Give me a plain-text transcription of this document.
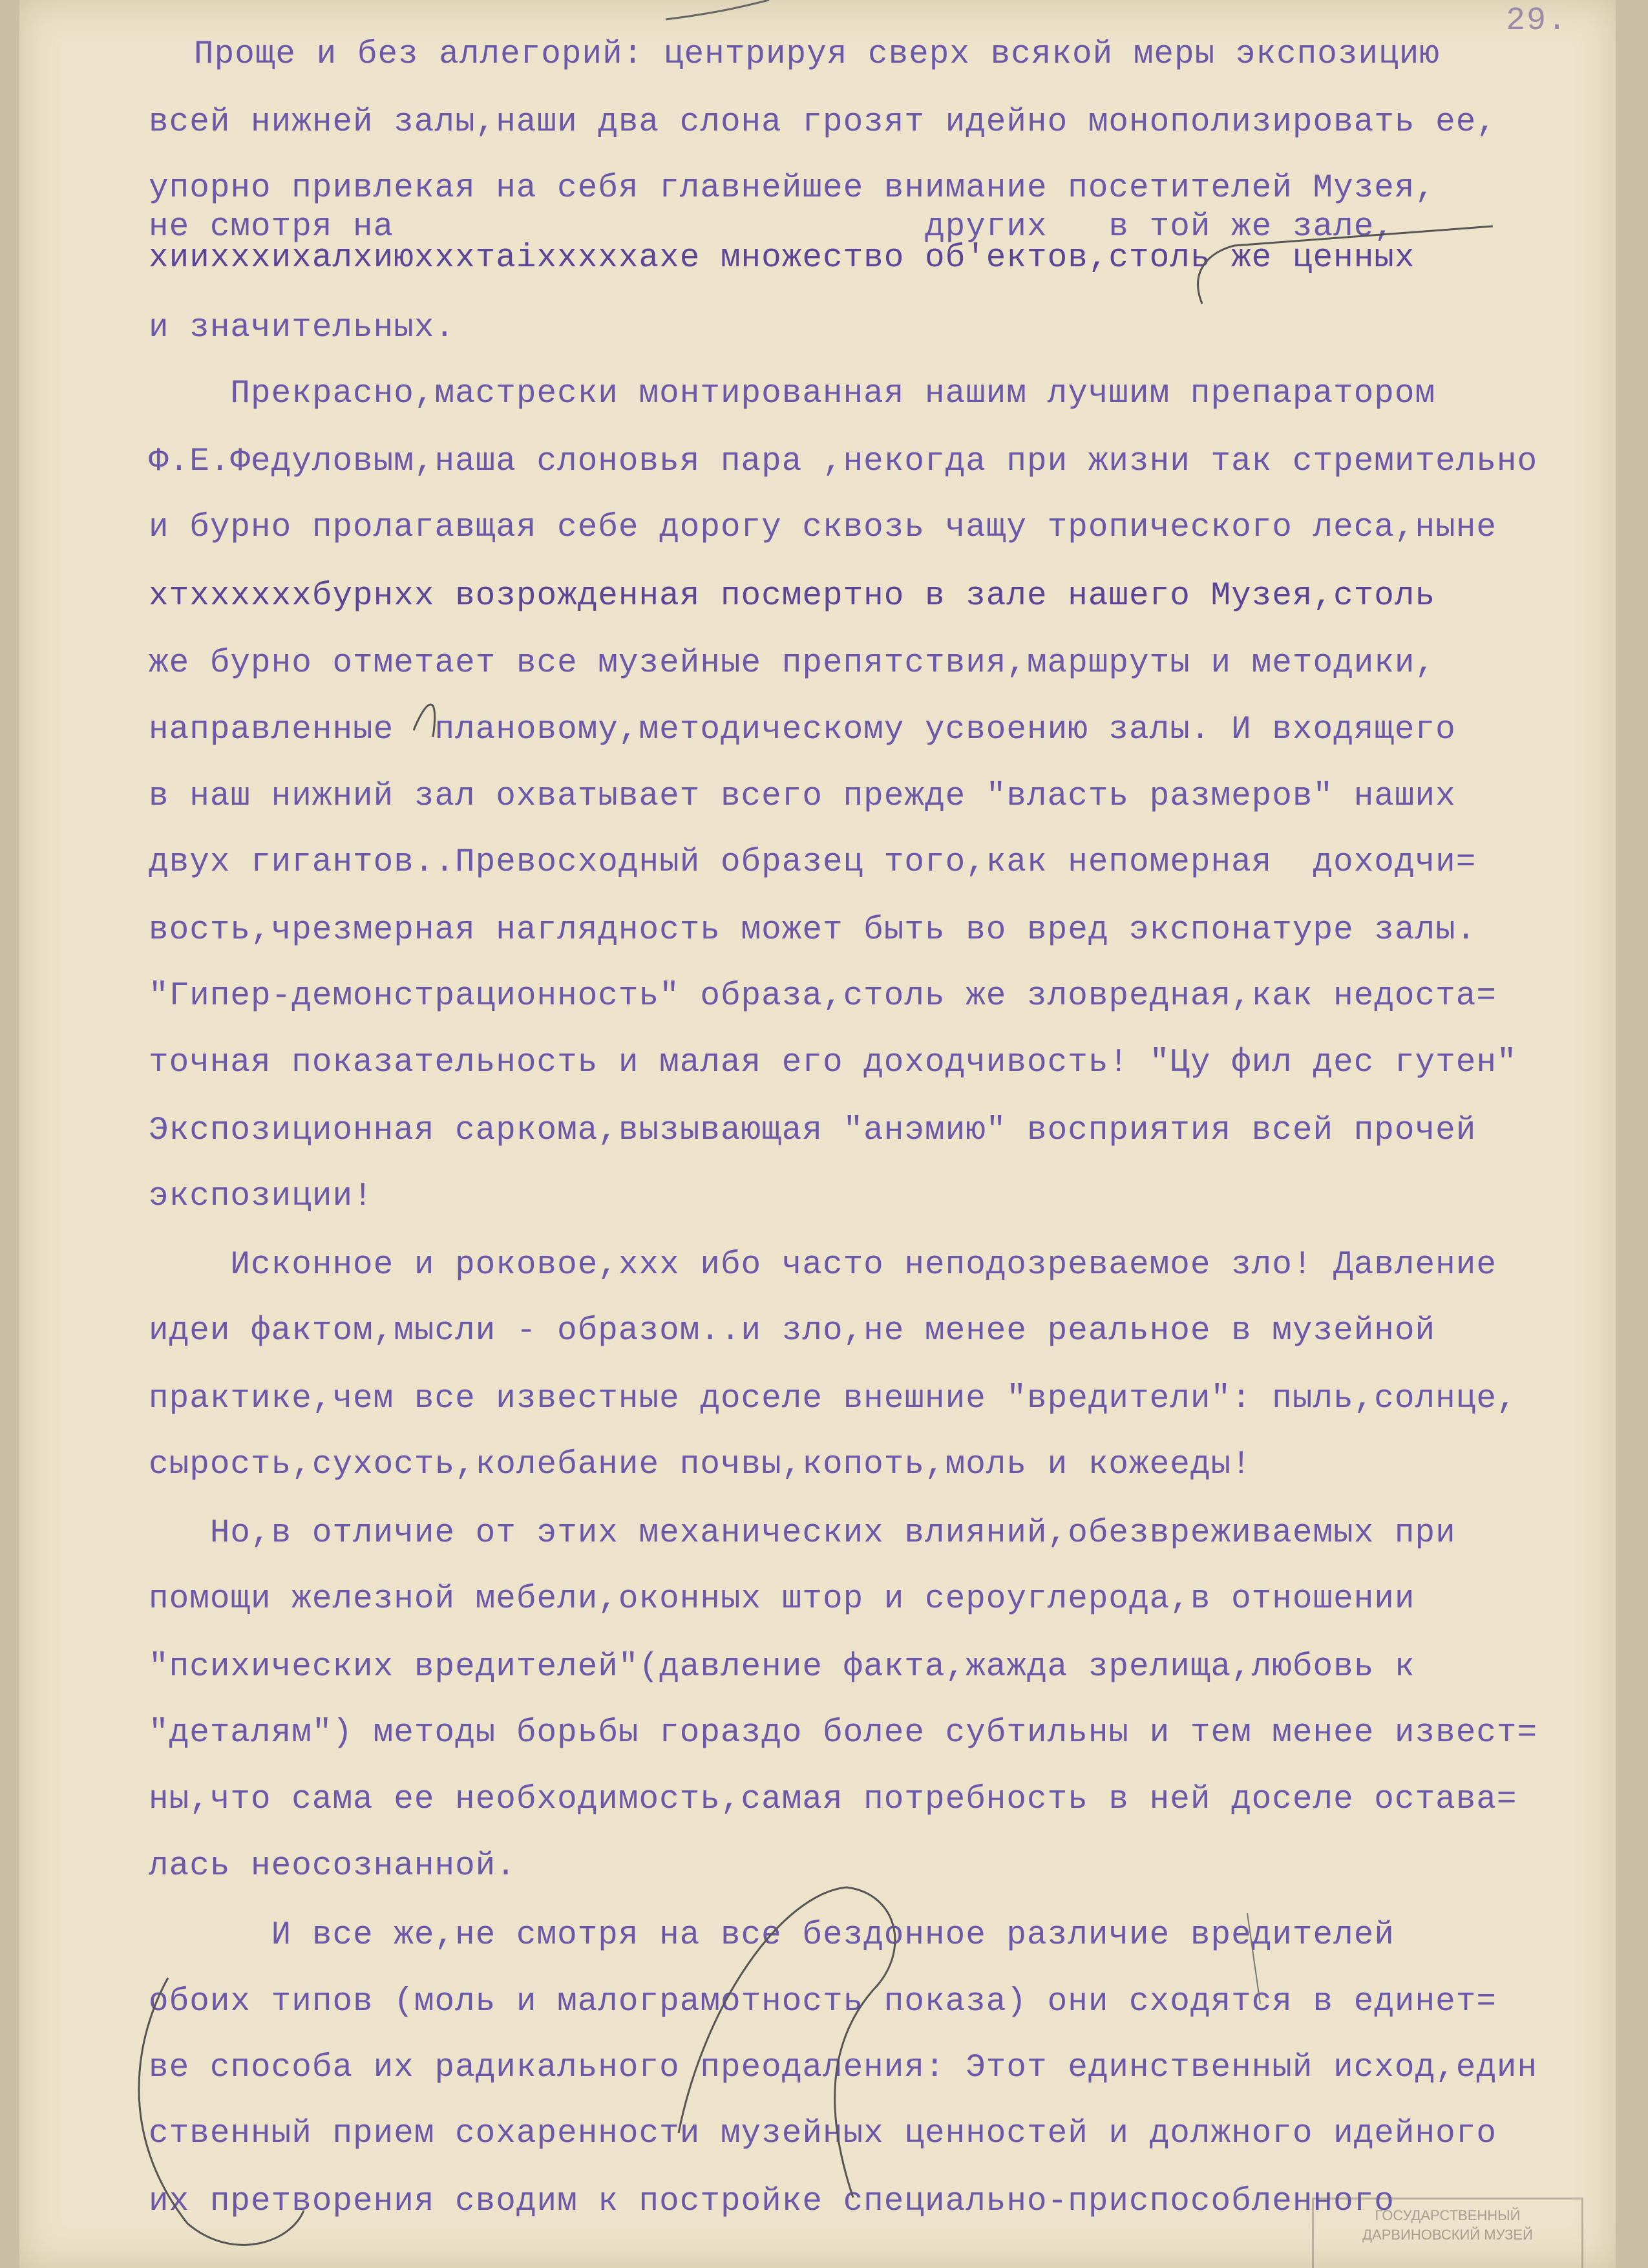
29.
Проще и без аллегорий: центрируя сверх всякой меры экспозицию
всей нижней залы,наши два слона грозят идейно монополизировать ее,
упорно привлекая на себя главнейшее внимание посетителей Музея,
не смотря на                          других   в той же зале,
хиихххихалхиюхххтаіхххххахе множество об'ектов,столь же ценных
и значительных.
Прекрасно,мастрески монтированная нашим лучшим препаратором
Ф.Е.Федуловым,наша слоновья пара ,некогда при жизни так стремительно
и бурно пролагавщая себе дорогу сквозь чащу тропического леса,ныне
хтххххххбурнхх возрожденная посмертно в зале нашего Музея,столь
же бурно отметает все музейные препятствия,маршруты и методики,
направленные  плановому,методическому усвоению залы. И входящего
в наш нижний зал охватывает всего прежде "власть размеров" наших
двух гигантов..Превосходный образец того,как непомерная  доходчи=
вость,чрезмерная наглядность может быть во вред экспонатуре залы.
"Гипер-демонстрационность" образа,столь же зловредная,как недоста=
точная показательность и малая его доходчивость! "Цу фил дес гутен"
Экспозиционная саркома,вызывающая "анэмию" восприятия всей прочей
экспозиции!
Исконное и роковое,ххх ибо часто неподозреваемое зло! Давление
идеи фактом,мысли - образом..и зло,не менее реальное в музейной
практике,чем все известные доселе внешние "вредители": пыль,солнце,
сырость,сухость,колебание почвы,копоть,моль и кожееды!
Но,в отличие от этих механических влияний,обезвреживаемых при
помощи железной мебели,оконных штор и сероуглерода,в отношении
"психических вредителей"(давление факта,жажда зрелища,любовь к
"деталям") методы борьбы гораздо более субтильны и тем менее извест=
ны,что сама ее необходимость,самая потребность в ней доселе остава=
лась неосознанной.
И все же,не смотря на все бездонное различие вредителей
обоих типов (моль и малограмотность показа) они сходятся в единет=
ве способа их радикального преодаления: Этот единственный исход,един
ственный прием сохаренности музейных ценностей и должного идейного
их претворения сводим к постройке специально-приспособленного
ГОСУДАРСТВЕННЫЙ
ДАРВИНОВСКИЙ МУЗЕЙ
